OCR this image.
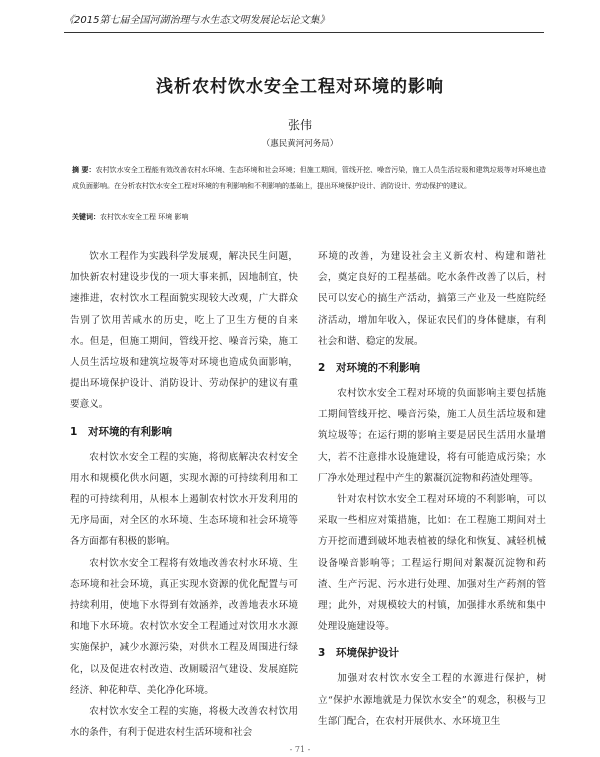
《2015第七届全国河湖治理与水生态文明发展论坛论文集》
浅析农村饮水安全工程对环境的影响
张伟
（惠民黄河河务局）
摘 要：农村饮水安全工程能有效改善农村水环境、生态环境和社会环境；但施工期间，管线开挖、噪音污染，施工人员生活垃圾和建筑垃圾等对环境也造成负面影响。在分析农村饮水安全工程对环境的有利影响和不利影响的基础上，提出环境保护设计、消防设计、劳动保护的建议。
关键词：农村饮水安全工程 环境 影响

饮水工程作为实践科学发展观，解决民生问题，加快新农村建设步伐的一项大事来抓，因地制宜，快速推进，农村饮水工程面貌实现较大改观，广大群众告别了饮用苦咸水的历史，吃上了卫生方便的自来水。但是，但施工期间，管线开挖、噪音污染，施工人员生活垃圾和建筑垃圾等对环境也造成负面影响，提出环境保护设计、消防设计、劳动保护的建议有重要意义。

1 对环境的有利影响

农村饮水安全工程的实施，将彻底解决农村安全用水和规模化供水问题，实现水源的可持续利用和工程的可持续利用，从根本上遏制农村饮水开发利用的无序局面，对全区的水环境、生态环境和社会环境等各方面都有积极的影响。

农村饮水安全工程将有效地改善农村水环境、生态环境和社会环境，真正实现水资源的优化配置与可持续利用，使地下水得到有效涵养，改善地表水环境和地下水环境。农村饮水安全工程通过对饮用水水源实施保护，减少水源污染，对供水工程及周围进行绿化，以及促进农村改造、改厕暖沼气建设、发展庭院经济、种花种草、美化净化环境。

农村饮水安全工程的实施，将极大改善农村饮用水的条件，有利于促进农村生活环境和社会

环境的改善，为建设社会主义新农村、构建和谐社会，奠定良好的工程基础。吃水条件改善了以后，村民可以安心的搞生产活动，搞第三产业及一些庭院经济活动，增加年收入，保证农民们的身体健康，有利社会和谐、稳定的发展。

2 对环境的不利影响

农村饮水安全工程对环境的负面影响主要包括施工期间管线开挖、噪音污染，施工人员生活垃圾和建筑垃圾等；在运行期的影响主要是居民生活用水量增大，若不注意排水设施建设，将有可能造成污染；水厂净水处理过程中产生的絮凝沉淀物和药渣处理等。

针对农村饮水安全工程对环境的不利影响，可以采取一些相应对策措施，比如：在工程施工期间对土方开挖而遭到破坏地表植被的绿化和恢复、减轻机械设备噪音影响等；工程运行期间对絮凝沉淀物和药渣、生产污泥、污水进行处理、加强对生产药剂的管理；此外，对规模较大的村镇，加强排水系统和集中处理设施建设等。

3 环境保护设计

加强对农村饮水安全工程的水源进行保护，树立“保护水源地就是力保饮水安全”的观念，积极与卫生部门配合，在农村开展供水、水环境卫生

- 71 -
